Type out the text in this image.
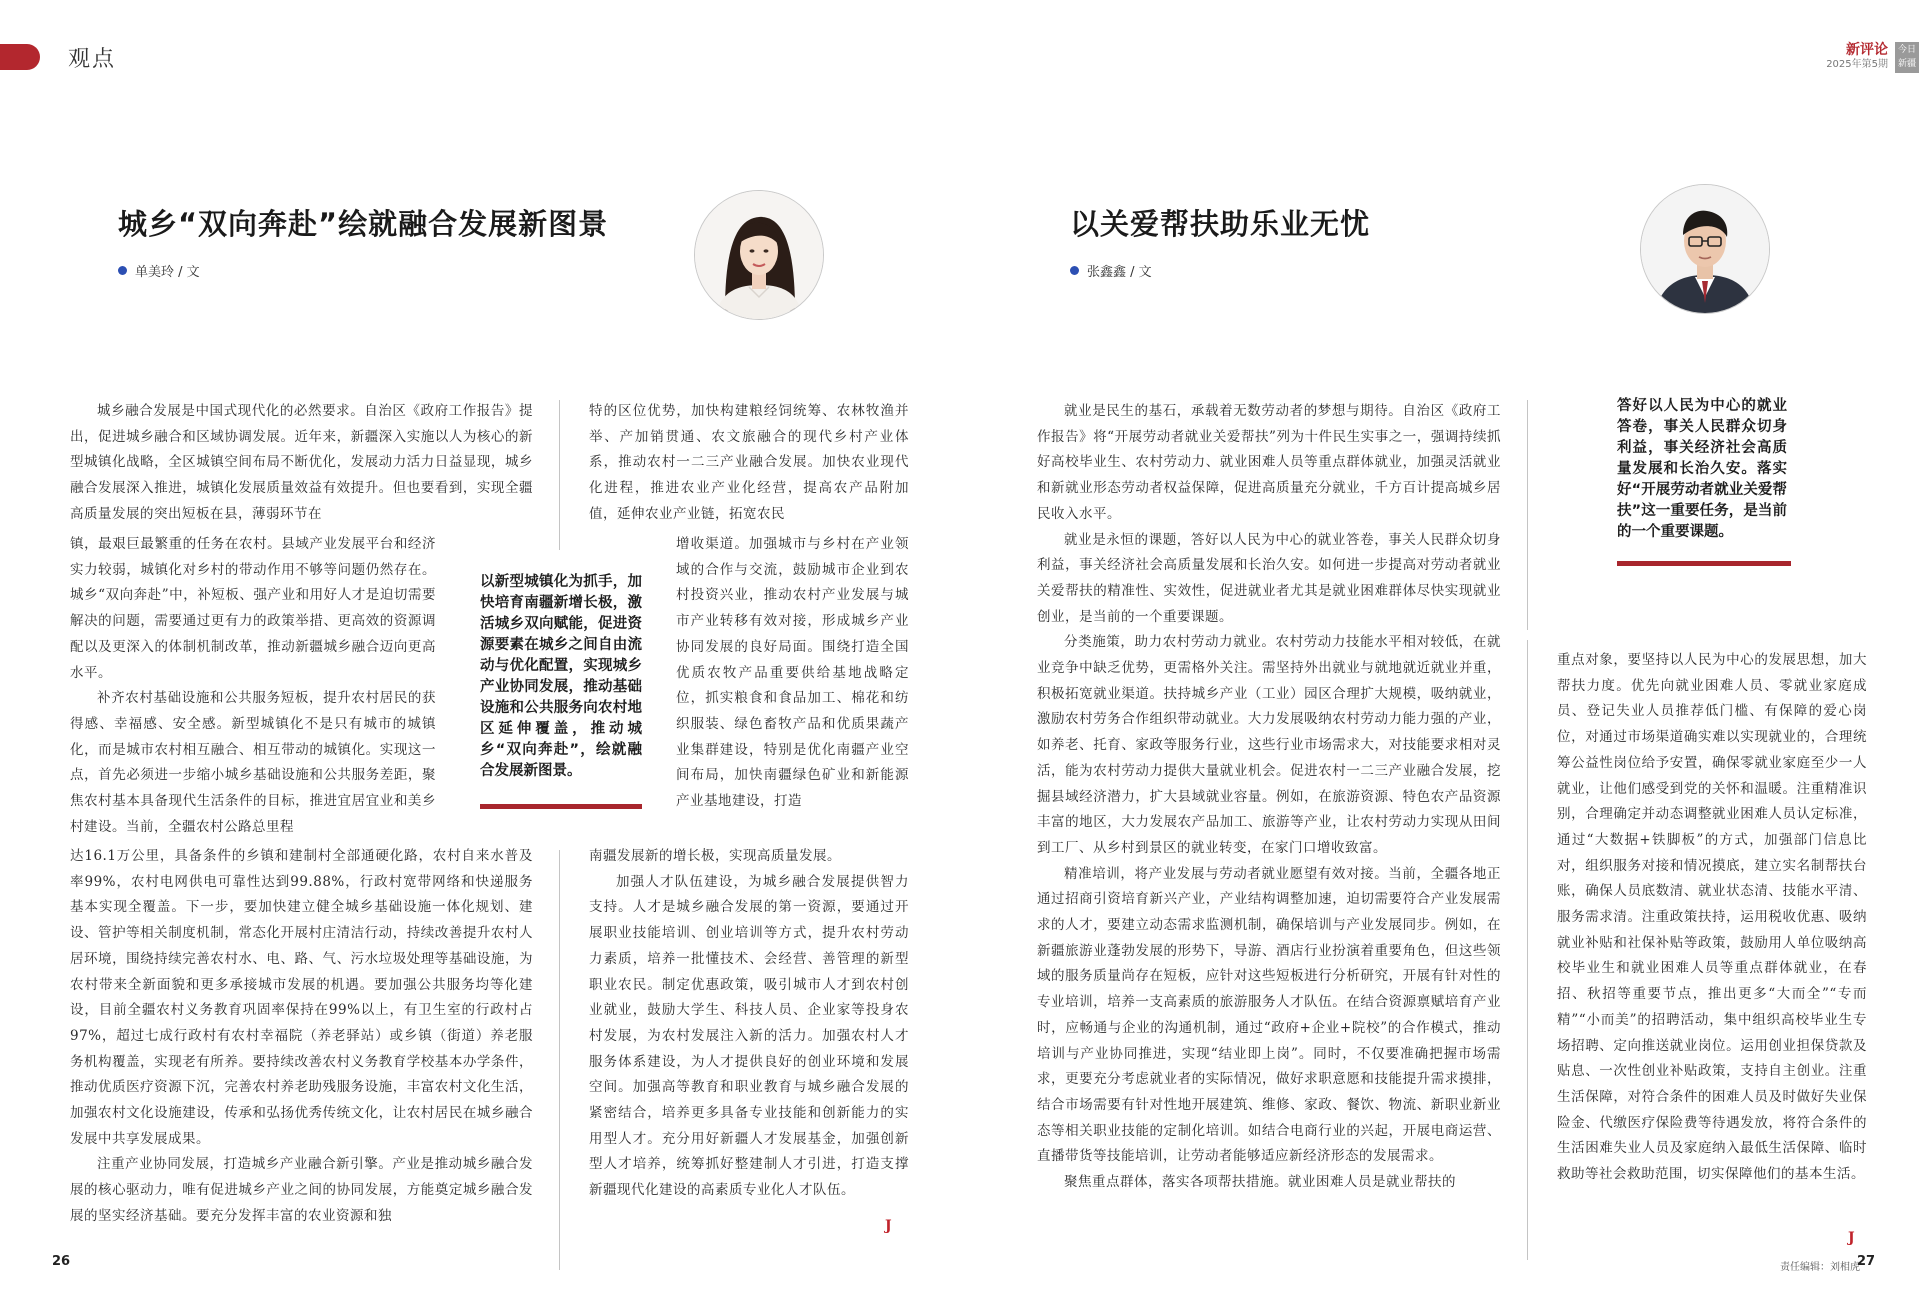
观点	新评论
2025年第5期
今日
新疆
城乡“双向奔赴”绘就融合发展新图景
单美玲 / 文

城乡融合发展是中国式现代化的必然要求。自治区《政府工作报告》提出，促进城乡融合和区域协调发展。近年来，新疆深入实施以人为核心的新型城镇化战略，全区城镇空间布局不断优化，发展动力活力日益显现，城乡融合发展深入推进，城镇化发展质量效益有效提升。但也要看到，实现全疆高质量发展的突出短板在县，薄弱环节在

镇，最艰巨最繁重的任务在农村。县域产业发展平台和经济实力较弱，城镇化对乡村的带动作用不够等问题仍然存在。城乡“双向奔赴”中，补短板、强产业和用好人才是迫切需要解决的问题，需要通过更有力的政策举措、更高效的资源调配以及更深入的体制机制改革，推动新疆城乡融合迈向更高水平。

补齐农村基础设施和公共服务短板，提升农村居民的获得感、幸福感、安全感。新型城镇化不是只有城市的城镇化，而是城市农村相互融合、相互带动的城镇化。实现这一点，首先必须进一步缩小城乡基础设施和公共服务差距，聚焦农村基本具备现代生活条件的目标，推进宜居宜业和美乡村建设。当前，全疆农村公路总里程

达16.1万公里，具备条件的乡镇和建制村全部通硬化路，农村自来水普及率99%，农村电网供电可靠性达到99.88%，行政村宽带网络和快递服务基本实现全覆盖。下一步，要加快建立健全城乡基础设施一体化规划、建设、管护等相关制度机制，常态化开展村庄清洁行动，持续改善提升农村人居环境，围绕持续完善农村水、电、路、气、污水垃圾处理等基础设施，为农村带来全新面貌和更多承接城市发展的机遇。要加强公共服务均等化建设，目前全疆农村义务教育巩固率保持在99%以上，有卫生室的行政村占97%，超过七成行政村有农村幸福院（养老驿站）或乡镇（街道）养老服务机构覆盖，实现老有所养。要持续改善农村义务教育学校基本办学条件，推动优质医疗资源下沉，完善农村养老助残服务设施，丰富农村文化生活，加强农村文化设施建设，传承和弘扬优秀传统文化，让农村居民在城乡融合发展中共享发展成果。

注重产业协同发展，打造城乡产业融合新引擎。产业是推动城乡融合发展的核心驱动力，唯有促进城乡产业之间的协同发展，方能奠定城乡融合发展的坚实经济基础。要充分发挥丰富的农业资源和独

特的区位优势，加快构建粮经饲统筹、农林牧渔并举、产加销贯通、农文旅融合的现代乡村产业体系，推动农村一二三产业融合发展。加快农业现代化进程，推进农业产业化经营，提高农产品附加值，延伸农业产业链，拓宽农民

增收渠道。加强城市与乡村在产业领域的合作与交流，鼓励城市企业到农村投资兴业，推动农村产业发展与城市产业转移有效对接，形成城乡产业协同发展的良好局面。围绕打造全国优质农牧产品重要供给基地战略定位，抓实粮食和食品加工、棉花和纺织服装、绿色畜牧产品和优质果蔬产业集群建设，特别是优化南疆产业空间布局，加快南疆绿色矿业和新能源产业基地建设，打造

南疆发展新的增长极，实现高质量发展。

加强人才队伍建设，为城乡融合发展提供智力支持。人才是城乡融合发展的第一资源，要通过开展职业技能培训、创业培训等方式，提升农村劳动力素质，培养一批懂技术、会经营、善管理的新型职业农民。制定优惠政策，吸引城市人才到农村创业就业，鼓励大学生、科技人员、企业家等投身农村发展，为农村发展注入新的活力。加强农村人才服务体系建设，为人才提供良好的创业环境和发展空间。加强高等教育和职业教育与城乡融合发展的紧密结合，培养更多具备专业技能和创新能力的实用型人才。充分用好新疆人才发展基金，加强创新型人才培养，统筹抓好整建制人才引进，打造支撑新疆现代化建设的高素质专业化人才队伍。

J
以新型城镇化为抓手，加快培育南疆新增长极，激活城乡双向赋能，促进资源要素在城乡之间自由流动与优化配置，实现城乡产业协同发展，推动基础设施和公共服务向农村地区延伸覆盖，推动城乡“双向奔赴”，绘就融合发展新图景。
26
以关爱帮扶助乐业无忧
张鑫鑫 / 文

就业是民生的基石，承载着无数劳动者的梦想与期待。自治区《政府工作报告》将“开展劳动者就业关爱帮扶”列为十件民生实事之一，强调持续抓好高校毕业生、农村劳动力、就业困难人员等重点群体就业，加强灵活就业和新就业形态劳动者权益保障，促进高质量充分就业，千方百计提高城乡居民收入水平。

就业是永恒的课题，答好以人民为中心的就业答卷，事关人民群众切身利益，事关经济社会高质量发展和长治久安。如何进一步提高对劳动者就业关爱帮扶的精准性、实效性，促进就业者尤其是就业困难群体尽快实现就业创业，是当前的一个重要课题。

分类施策，助力农村劳动力就业。农村劳动力技能水平相对较低，在就业竞争中缺乏优势，更需格外关注。需坚持外出就业与就地就近就业并重，积极拓宽就业渠道。扶持城乡产业（工业）园区合理扩大规模，吸纳就业，激励农村劳务合作组织带动就业。大力发展吸纳农村劳动力能力强的产业，如养老、托育、家政等服务行业，这些行业市场需求大，对技能要求相对灵活，能为农村劳动力提供大量就业机会。促进农村一二三产业融合发展，挖掘县域经济潜力，扩大县域就业容量。例如，在旅游资源、特色农产品资源丰富的地区，大力发展农产品加工、旅游等产业，让农村劳动力实现从田间到工厂、从乡村到景区的就业转变，在家门口增收致富。

精准培训，将产业发展与劳动者就业愿望有效对接。当前，全疆各地正通过招商引资培育新兴产业，产业结构调整加速，迫切需要符合产业发展需求的人才，要建立动态需求监测机制，确保培训与产业发展同步。例如，在新疆旅游业蓬勃发展的形势下，导游、酒店行业扮演着重要角色，但这些领域的服务质量尚存在短板，应针对这些短板进行分析研究，开展有针对性的专业培训，培养一支高素质的旅游服务人才队伍。在结合资源禀赋培育产业时，应畅通与企业的沟通机制，通过“政府+企业+院校”的合作模式，推动培训与产业协同推进，实现“结业即上岗”。同时，不仅要准确把握市场需求，更要充分考虑就业者的实际情况，做好求职意愿和技能提升需求摸排，结合市场需要有针对性地开展建筑、维修、家政、餐饮、物流、新职业新业态等相关职业技能的定制化培训。如结合电商行业的兴起，开展电商运营、直播带货等技能培训，让劳动者能够适应新经济形态的发展需求。

聚焦重点群体，落实各项帮扶措施。就业困难人员是就业帮扶的

答好以人民为中心的就业答卷，事关人民群众切身利益，事关经济社会高质量发展和长治久安。落实好“开展劳动者就业关爱帮扶”这一重要任务，是当前的一个重要课题。

重点对象，要坚持以人民为中心的发展思想，加大帮扶力度。优先向就业困难人员、零就业家庭成员、登记失业人员推荐低门槛、有保障的爱心岗位，对通过市场渠道确实难以实现就业的，合理统筹公益性岗位给予安置，确保零就业家庭至少一人就业，让他们感受到党的关怀和温暖。注重精准识别，合理确定并动态调整就业困难人员认定标准，通过“大数据+铁脚板”的方式，加强部门信息比对，组织服务对接和情况摸底，建立实名制帮扶台账，确保人员底数清、就业状态清、技能水平清、服务需求清。注重政策扶持，运用税收优惠、吸纳就业补贴和社保补贴等政策，鼓励用人单位吸纳高校毕业生和就业困难人员等重点群体就业，在春招、秋招等重要节点，推出更多“大而全”“专而精”“小而美”的招聘活动，集中组织高校毕业生专场招聘、定向推送就业岗位。运用创业担保贷款及贴息、一次性创业补贴政策，支持自主创业。注重生活保障，对符合条件的困难人员及时做好失业保险金、代缴医疗保险费等待遇发放，将符合条件的生活困难失业人员及家庭纳入最低生活保障、临时救助等社会救助范围，切实保障他们的基本生活。

J
责任编辑：刘相虎
27
